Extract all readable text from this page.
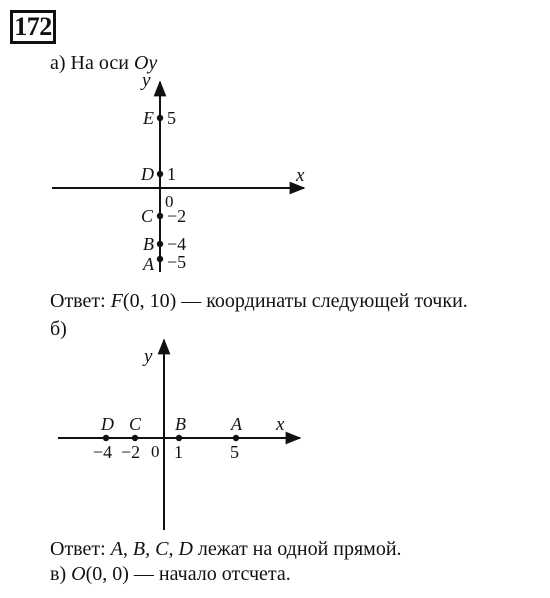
172
а) На оси Oy
x
y
0
E 5
D 1
C −2
B −4
A −5
Ответ: F(0, 10) — координаты следующей точки.
б)
x
y
0
D
−4
C
−2
B
1
A
5
Ответ: A, B, C, D лежат на одной прямой.
в) O(0, 0) — начало отсчета.
